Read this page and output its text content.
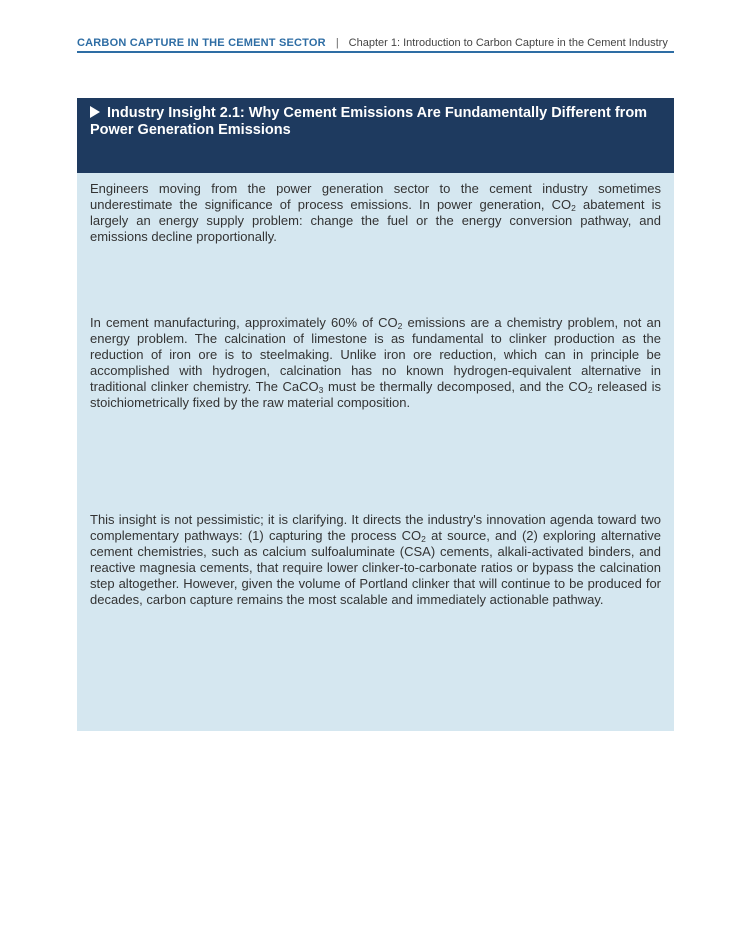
CARBON CAPTURE IN THE CEMENT SECTOR | Chapter 1: Introduction to Carbon Capture in the Cement Industry
Industry Insight 2.1: Why Cement Emissions Are Fundamentally Different from Power Generation Emissions

Engineers moving from the power generation sector to the cement industry sometimes underestimate the significance of process emissions. In power generation, $CO_2$ abatement is largely an energy supply problem: change the fuel or the energy conversion pathway, and emissions decline proportionally.

In cement manufacturing, approximately 60% of $CO_2$ emissions are a chemistry problem, not an energy problem. The calcination of limestone is as fundamental to clinker production as the reduction of iron ore is to steelmaking. Unlike iron ore reduction, which can in principle be accomplished with hydrogen, calcination has no known hydrogen-equivalent alternative in traditional clinker chemistry. The CaCO$_3$ must be thermally decomposed, and the $CO_2$ released is stoichiometrically fixed by the raw material composition.

This insight is not pessimistic; it is clarifying. It directs the industry's innovation agenda toward two complementary pathways: (1) capturing the process $CO_2$ at source, and (2) exploring alternative cement chemistries, such as calcium sulfoaluminate (CSA) cements, alkali-activated binders, and reactive magnesia cements, that require lower clinker-to-carbonate ratios or bypass the calcination step altogether. However, given the volume of Portland clinker that will continue to be produced for decades, carbon capture remains the most scalable and immediately actionable pathway.
